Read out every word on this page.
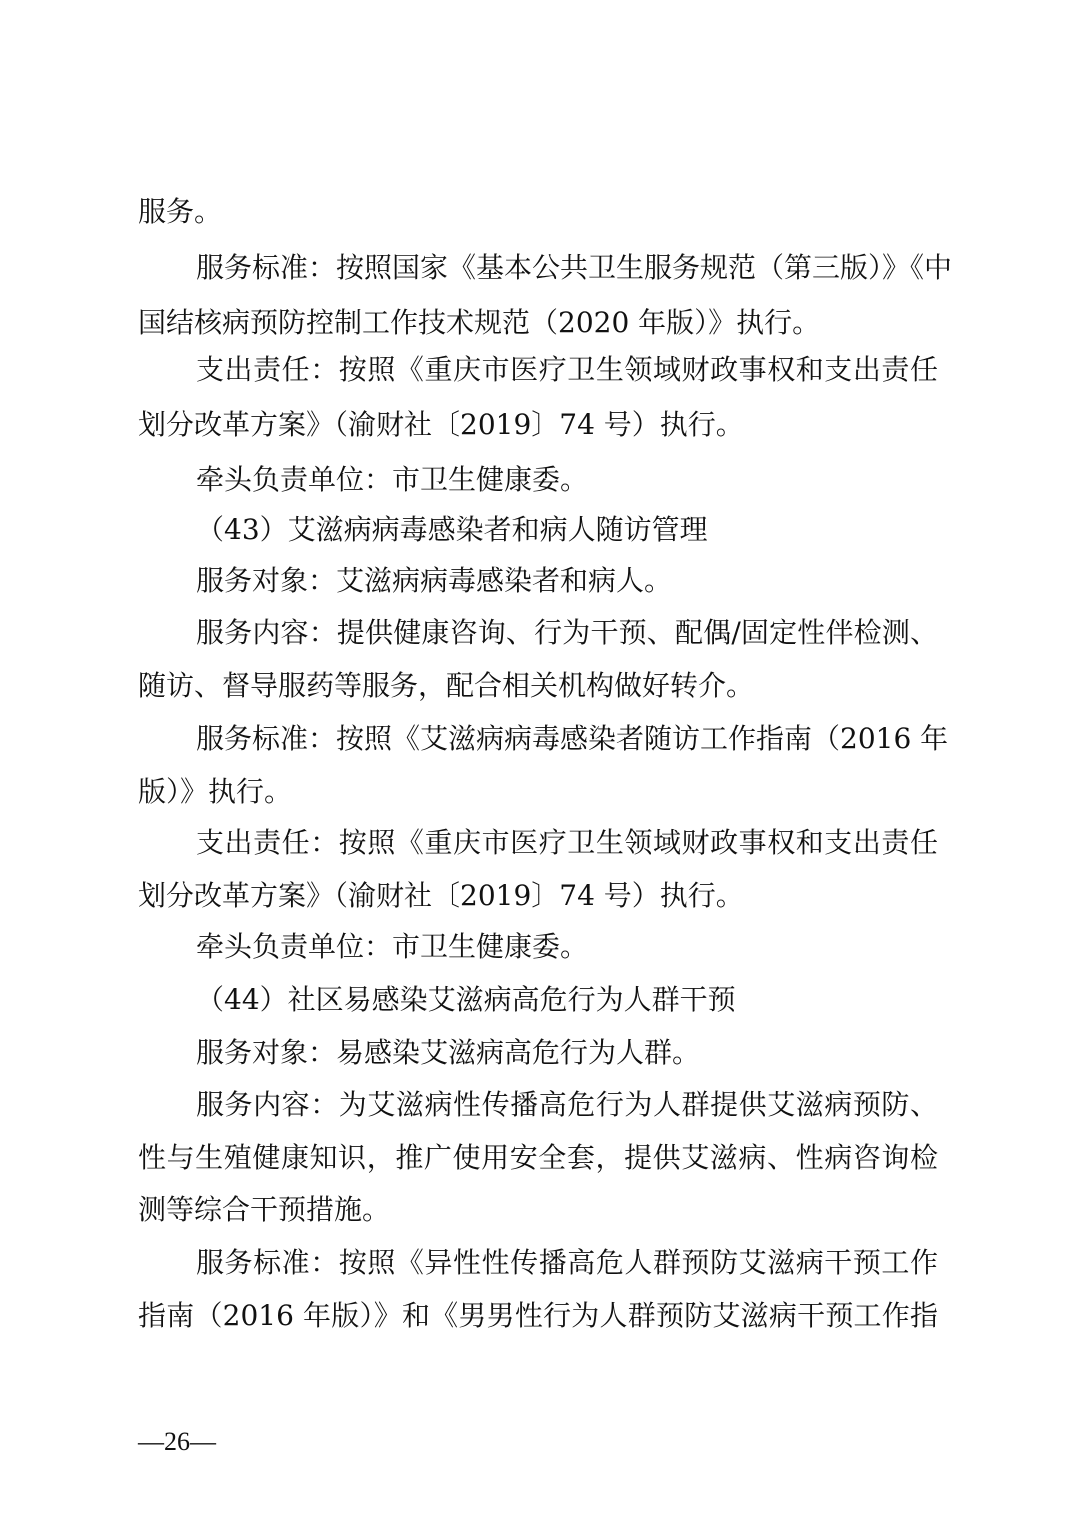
服务。
服务标准：按照国家《基本公共卫生服务规范（第三版）》《中
国结核病预防控制工作技术规范（2020 年版）》执行。
支出责任：按照《重庆市医疗卫生领域财政事权和支出责任
划分改革方案》（渝财社〔2019〕74 号）执行。
牵头负责单位：市卫生健康委。
（43）艾滋病病毒感染者和病人随访管理
服务对象：艾滋病病毒感染者和病人。
服务内容：提供健康咨询、行为干预、配偶/固定性伴检测、
随访、督导服药等服务，配合相关机构做好转介。
服务标准：按照《艾滋病病毒感染者随访工作指南（2016 年
版）》执行。
支出责任：按照《重庆市医疗卫生领域财政事权和支出责任
划分改革方案》（渝财社〔2019〕74 号）执行。
牵头负责单位：市卫生健康委。
（44）社区易感染艾滋病高危行为人群干预
服务对象：易感染艾滋病高危行为人群。
服务内容：为艾滋病性传播高危行为人群提供艾滋病预防、
性与生殖健康知识，推广使用安全套，提供艾滋病、性病咨询检
测等综合干预措施。
服务标准：按照《异性性传播高危人群预防艾滋病干预工作
指南（2016 年版）》和《男男性行为人群预防艾滋病干预工作指
—26—
